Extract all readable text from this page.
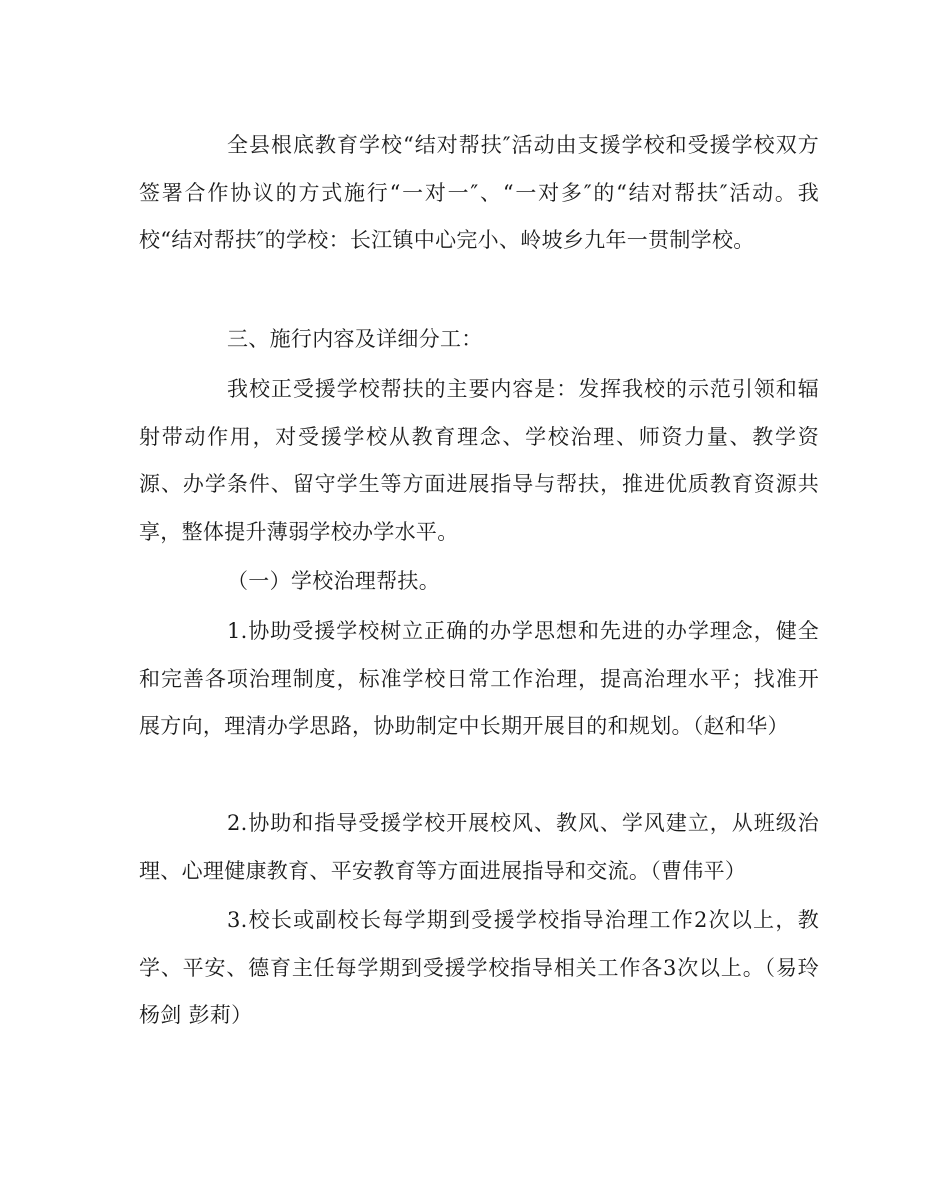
全县根底教育学校“结对帮扶″活动由支援学校和受援学校双方签署合作协议的方式施行“一对一″、“一对多″的“结对帮扶″活动。我校“结对帮扶″的学校：长江镇中心完小、岭坡乡九年一贯制学校。

三、施行内容及详细分工：

我校正受援学校帮扶的主要内容是：发挥我校的示范引领和辐射带动作用，对受援学校从教育理念、学校治理、师资力量、教学资源、办学条件、留守学生等方面进展指导与帮扶，推进优质教育资源共享，整体提升薄弱学校办学水平。

（一）学校治理帮扶。

1.协助受援学校树立正确的办学思想和先进的办学理念，健全和完善各项治理制度，标准学校日常工作治理，提高治理水平；找准开展方向，理清办学思路，协助制定中长期开展目的和规划。（赵和华）

2.协助和指导受援学校开展校风、教风、学风建立，从班级治理、心理健康教育、平安教育等方面进展指导和交流。（曹伟平）

3.校长或副校长每学期到受援学校指导治理工作2次以上，教学、平安、德育主任每学期到受援学校指导相关工作各3次以上。（易玲 杨剑 彭莉）
